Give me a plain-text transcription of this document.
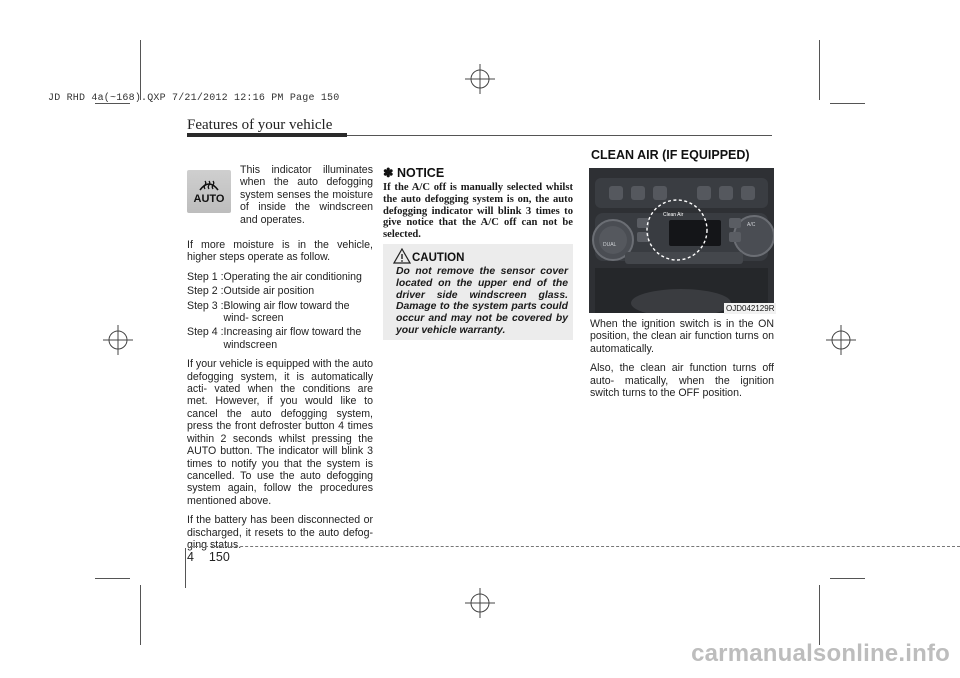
JD RHD 4a(~168).QXP 7/21/2012 12:16 PM Page 150
Features of your vehicle
AUTO
This indicator illuminates when the auto defogging system senses the moisture of inside the windscreen and operates.

If more moisture is in the vehicle, higher steps operate as follow.

Step 1 : Operating the air conditioning
Step 2 : Outside air position
Step 3 : Blowing air flow toward the wind- screen
Step 4 : Increasing air flow toward the windscreen

If your vehicle is equipped with the auto defogging system, it is automatically acti- vated when the conditions are met. However, if you would like to cancel the auto defogging system, press the front defroster button 4 times within 2 seconds whilst pressing the AUTO button. The indicator will blink 3 times to notify you that the system is cancelled. To use the auto defogging system again, follow the procedures mentioned above.

If the battery has been disconnected or discharged, it resets to the auto defog- ging status.

✽ NOTICE
If the A/C off is manually selected whilst the auto defogging system is on, the auto defogging indicator will blink 3 times to give notice that the A/C off can not be selected.
CAUTION
Do not remove the sensor cover located on the upper end of the driver side windscreen glass. Damage to the system parts could occur and may not be covered by your vehicle warranty.
CLEAN AIR (IF EQUIPPED)
DUAL
Clean Air
A/C
OJD042129R

When the ignition switch is in the ON position, the clean air function turns on automatically.

Also, the clean air function turns off auto- matically, when the ignition switch turns to the OFF position.

4 150
carmanualsonline.info
